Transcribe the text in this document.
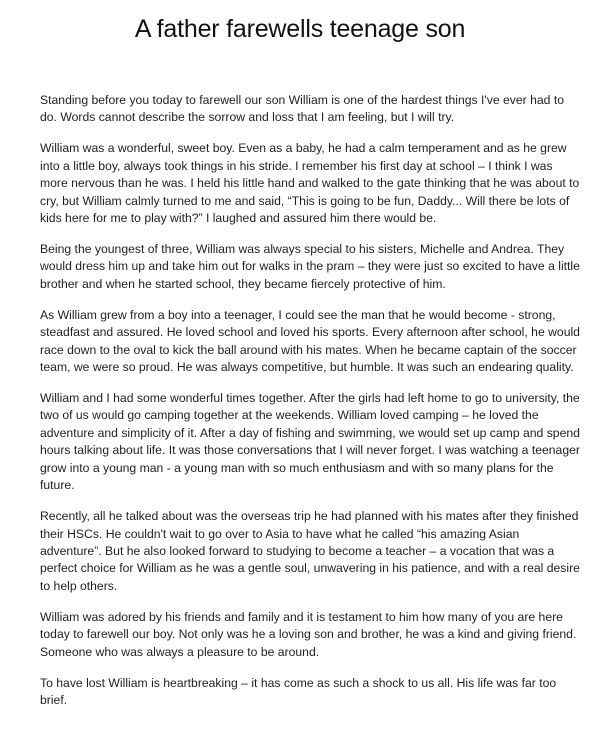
A father farewells teenage son

Standing before you today to farewell our son William is one of the hardest things I've ever had to do. Words cannot describe the sorrow and loss that I am feeling, but I will try.

William was a wonderful, sweet boy. Even as a baby, he had a calm temperament and as he grew into a little boy, always took things in his stride. I remember his first day at school – I think I was more nervous than he was. I held his little hand and walked to the gate thinking that he was about to cry, but William calmly turned to me and said, “This is going to be fun, Daddy... Will there be lots of kids here for me to play with?” I laughed and assured him there would be.

Being the youngest of three, William was always special to his sisters, Michelle and Andrea. They would dress him up and take him out for walks in the pram – they were just so excited to have a little brother and when he started school, they became fiercely protective of him.

As William grew from a boy into a teenager, I could see the man that he would become - strong, steadfast and assured. He loved school and loved his sports. Every afternoon after school, he would race down to the oval to kick the ball around with his mates. When he became captain of the soccer team, we were so proud. He was always competitive, but humble. It was such an endearing quality.

William and I had some wonderful times together. After the girls had left home to go to university, the two of us would go camping together at the weekends. William loved camping – he loved the adventure and simplicity of it. After a day of fishing and swimming, we would set up camp and spend hours talking about life. It was those conversations that I will never forget. I was watching a teenager grow into a young man - a young man with so much enthusiasm and with so many plans for the future.

Recently, all he talked about was the overseas trip he had planned with his mates after they finished their HSCs. He couldn't wait to go over to Asia to have what he called “his amazing Asian adventure”. But he also looked forward to studying to become a teacher – a vocation that was a perfect choice for William as he was a gentle soul, unwavering in his patience, and with a real desire to help others.

William was adored by his friends and family and it is testament to him how many of you are here today to farewell our boy. Not only was he a loving son and brother, he was a kind and giving friend. Someone who was always a pleasure to be around.

To have lost William is heartbreaking – it has come as such a shock to us all. His life was far too brief.
